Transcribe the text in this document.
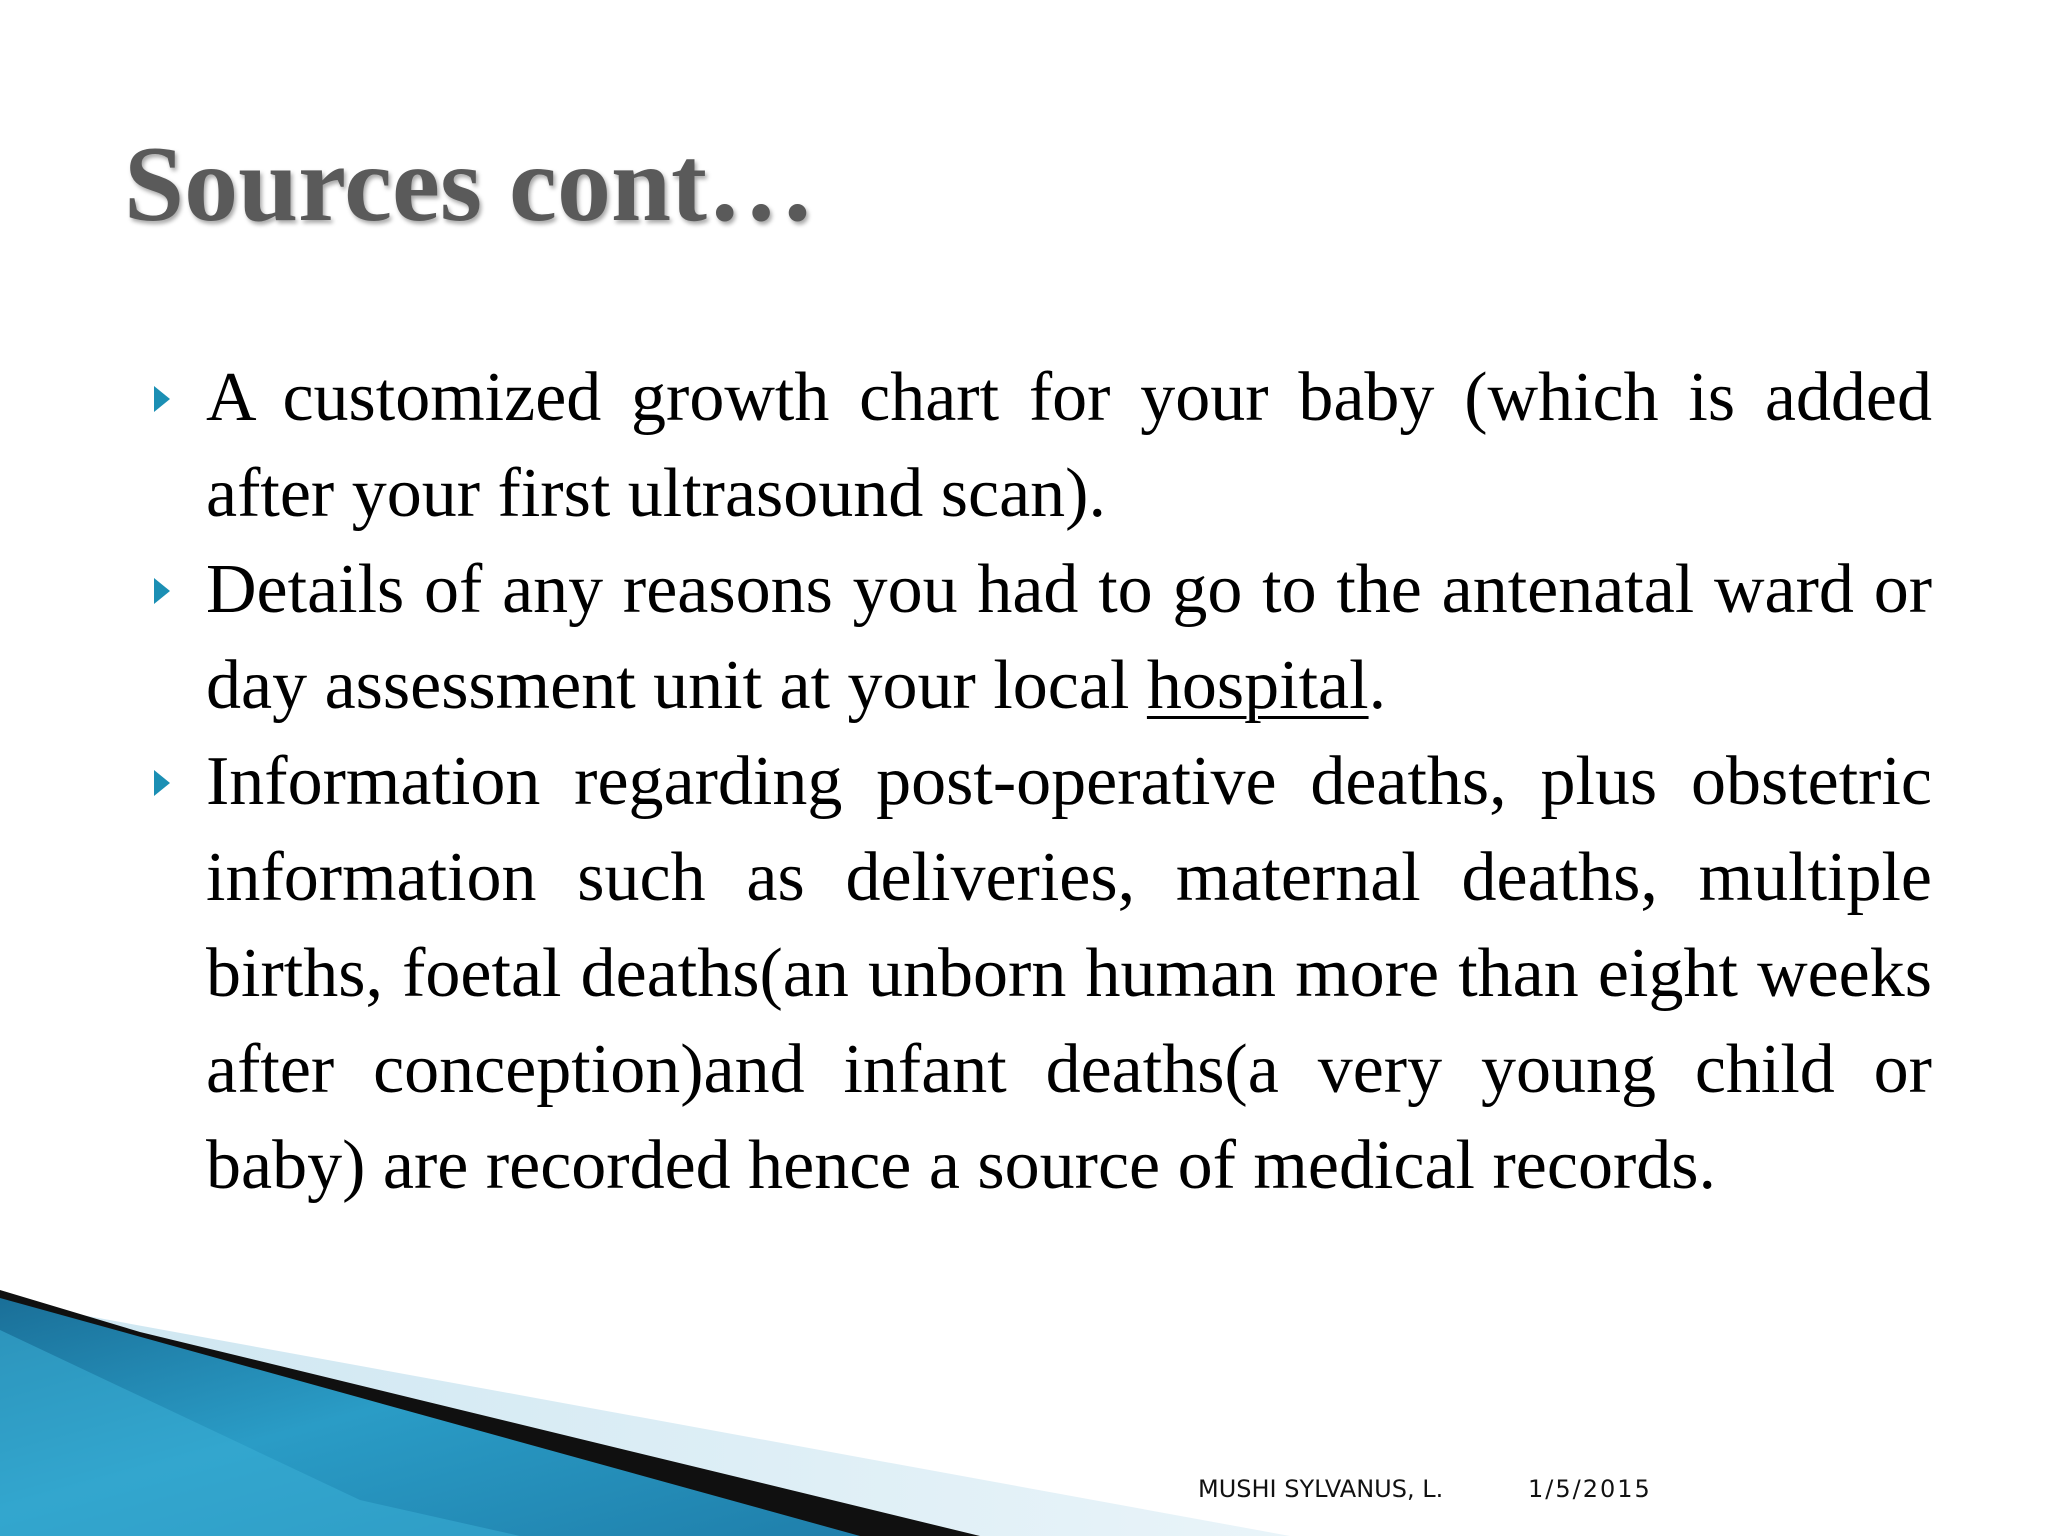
Sources cont…
A customized growth chart for your baby (which is added after your first ultrasound scan).
Details of any reasons you had to go to the antenatal ward or day assessment unit at your local hospital.
Information regarding post-operative deaths, plus obstetric information such as deliveries, maternal deaths, multiple births, foetal deaths(an unborn human more than eight weeks after conception)and infant deaths(a very young child or baby) are recorded hence a source of medical records.
MUSHI SYLVANUS, L.	1/5/2015
